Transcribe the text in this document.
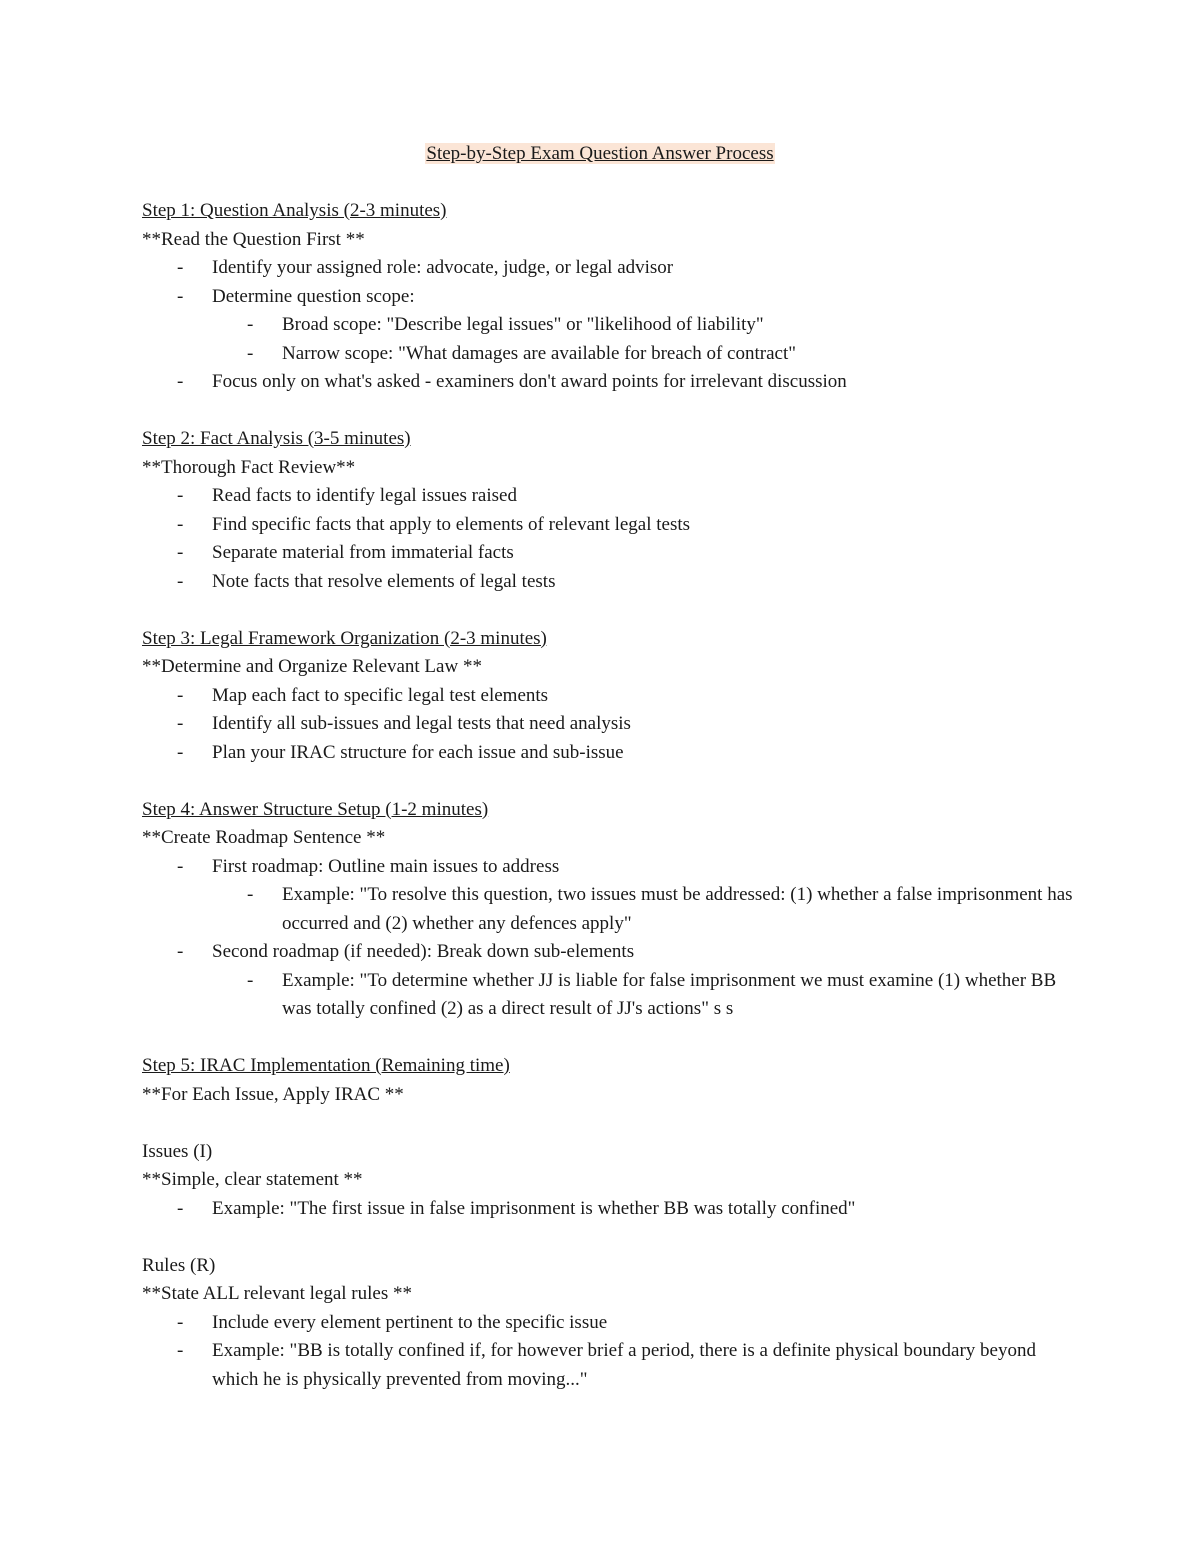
Step-by-Step Exam Question Answer Process
Step 1: Question Analysis (2-3 minutes)
**Read the Question First **
-	Identify your assigned role: advocate, judge, or legal advisor
-	Determine question scope:
-	Broad scope: "Describe legal issues" or "likelihood of liability"
-	Narrow scope: "What damages are available for breach of contract"
-	Focus only on what's asked - examiners don't award points for irrelevant discussion
Step 2: Fact Analysis (3-5 minutes)
**Thorough Fact Review**
-	Read facts to identify legal issues raised
-	Find specific facts that apply to elements of relevant legal tests
-	Separate material from immaterial facts
-	Note facts that resolve elements of legal tests
Step 3: Legal Framework Organization (2-3 minutes)
**Determine and Organize Relevant Law **
-	Map each fact to specific legal test elements
-	Identify all sub-issues and legal tests that need analysis
-	Plan your IRAC structure for each issue and sub-issue
Step 4: Answer Structure Setup (1-2 minutes)
**Create Roadmap Sentence **
-	First roadmap: Outline main issues to address
-	Example: "To resolve this question, two issues must be addressed: (1) whether a false imprisonment has occurred and (2) whether any defences apply"
-	Second roadmap (if needed): Break down sub-elements
-	Example: "To determine whether JJ is liable for false imprisonment we must examine (1) whether BB was totally confined (2) as a direct result of JJ's actions" s s
Step 5: IRAC Implementation (Remaining time)
**For Each Issue, Apply IRAC **
Issues (I)
**Simple, clear statement **
-	Example: "The first issue in false imprisonment is whether BB was totally confined"
Rules (R)
**State ALL relevant legal rules **
-	Include every element pertinent to the specific issue
-	Example: "BB is totally confined if, for however brief a period, there is a definite physical boundary beyond which he is physically prevented from moving..."
